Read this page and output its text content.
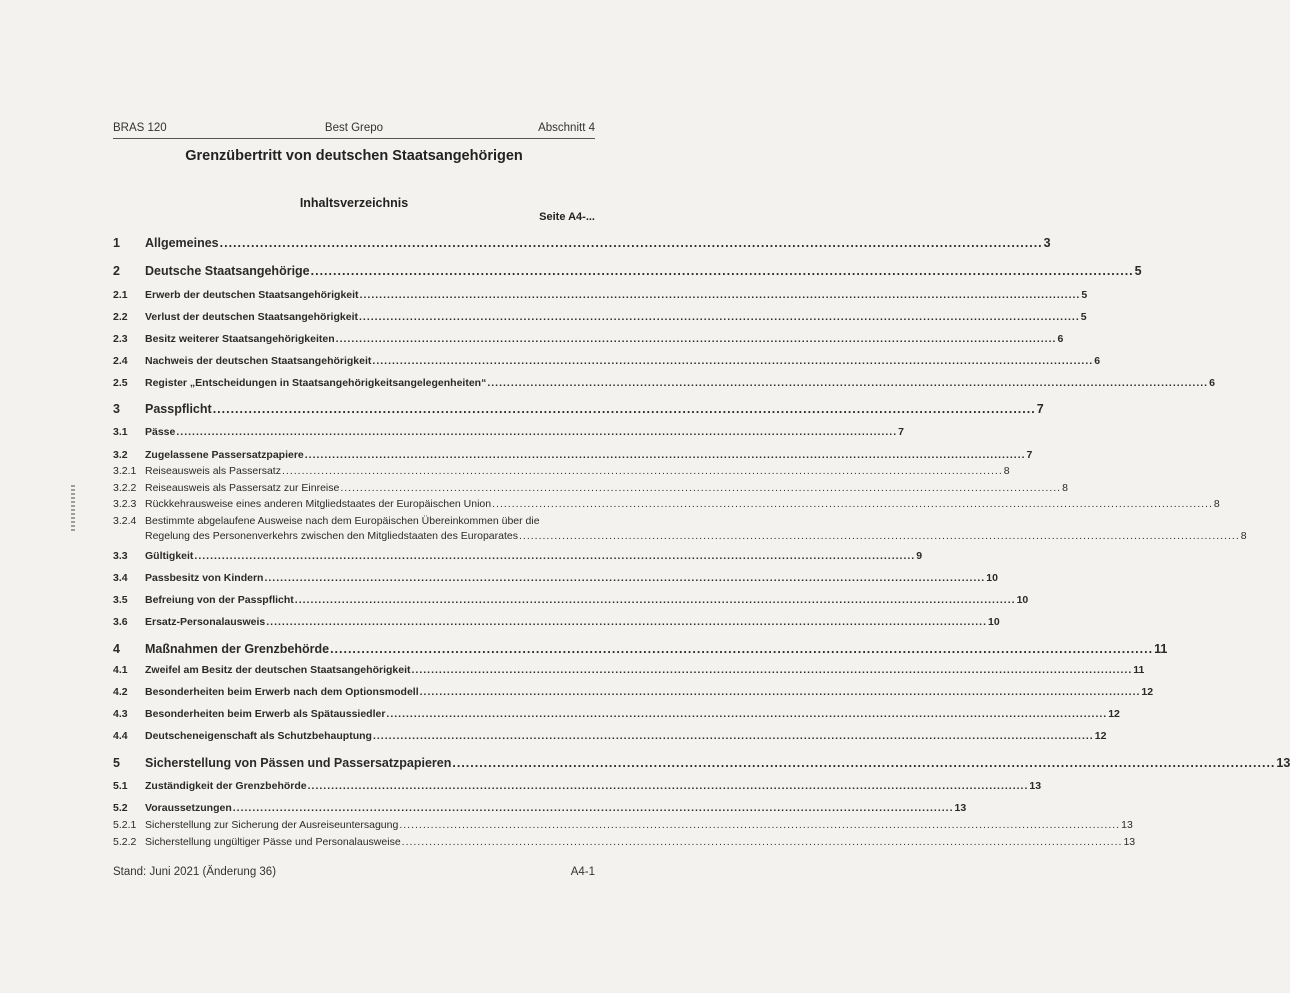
BRAS 120	Best Grepo	Abschnitt 4
Grenzübertritt von deutschen Staatsangehörigen
Inhaltsverzeichnis
Seite A4-...
1	Allgemeines ........................................................................................................................................................................................ 3
2	Deutsche Staatsangehörige ........................................................................................................................................................................................ 5
2.1	Erwerb der deutschen Staatsangehörigkeit ........................................................................................................................................................................................ 5
2.2	Verlust der deutschen Staatsangehörigkeit ........................................................................................................................................................................................ 5
2.3	Besitz weiterer Staatsangehörigkeiten ........................................................................................................................................................................................ 6
2.4	Nachweis der deutschen Staatsangehörigkeit ........................................................................................................................................................................................ 6
2.5	Register „Entscheidungen in Staatsangehörigkeitsangelegenheiten“ ........................................................................................................................................................................................ 6
3	Passpflicht ........................................................................................................................................................................................ 7
3.1	Pässe ........................................................................................................................................................................................ 7
3.2	Zugelassene Passersatzpapiere ........................................................................................................................................................................................ 7
3.2.1 Reiseausweis als Passersatz ........................................................................................................................................................................................ 8
3.2.2 Reiseausweis als Passersatz zur Einreise ........................................................................................................................................................................................ 8
3.2.3 Rückkehrausweise eines anderen Mitgliedstaates der Europäischen Union ........................................................................................................................................................................................ 8
3.2.4 Bestimmte abgelaufene Ausweise nach dem Europäischen Übereinkommen über die
Regelung des Personenverkehrs zwischen den Mitgliedstaaten des Europarates ........................................................................................................................................................................................ 8
3.3	Gültigkeit ........................................................................................................................................................................................ 9
3.4	Passbesitz von Kindern ........................................................................................................................................................................................ 10
3.5	Befreiung von der Passpflicht ........................................................................................................................................................................................ 10
3.6	Ersatz-Personalausweis ........................................................................................................................................................................................ 10
4	Maßnahmen der Grenzbehörde ........................................................................................................................................................................................ 11
4.1	Zweifel am Besitz der deutschen Staatsangehörigkeit ........................................................................................................................................................................................ 11
4.2	Besonderheiten beim Erwerb nach dem Optionsmodell ........................................................................................................................................................................................ 12
4.3	Besonderheiten beim Erwerb als Spätaussiedler ........................................................................................................................................................................................ 12
4.4	Deutscheneigenschaft als Schutzbehauptung ........................................................................................................................................................................................ 12
5	Sicherstellung von Pässen und Passersatzpapieren ........................................................................................................................................................................................ 13
5.1	Zuständigkeit der Grenzbehörde ........................................................................................................................................................................................ 13
5.2	Voraussetzungen ........................................................................................................................................................................................ 13
5.2.1 Sicherstellung zur Sicherung der Ausreiseuntersagung ........................................................................................................................................................................................ 13
5.2.2 Sicherstellung ungültiger Pässe und Personalausweise ........................................................................................................................................................................................ 13
Stand: Juni 2021 (Änderung 36)	A4-1
